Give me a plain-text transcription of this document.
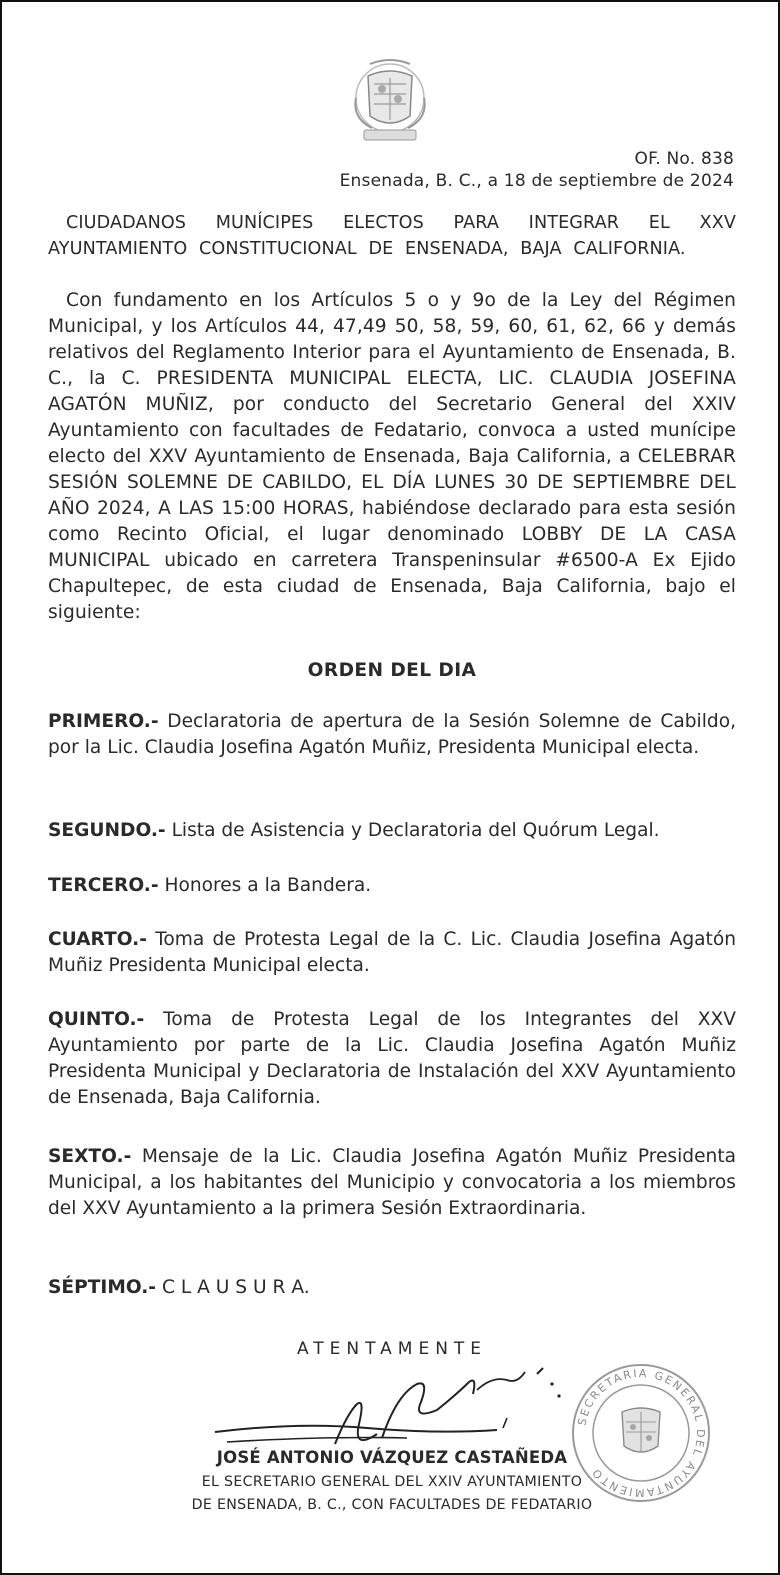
OF. No. 838
Ensenada, B. C., a 18 de septiembre de 2024
CIUDADANOS MUNÍCIPES ELECTOS PARA INTEGRAR EL XXV AYUNTAMIENTO CONSTITUCIONAL DE ENSENADA, BAJA CALIFORNIA.
Con fundamento en los Artículos 5 o y 9o de la Ley del Régimen Municipal, y los Artículos 44, 47,49 50, 58, 59, 60, 61, 62, 66 y demás relativos del Reglamento Interior para el Ayuntamiento de Ensenada, B. C., la C. PRESIDENTA MUNICIPAL ELECTA, LIC. CLAUDIA JOSEFINA AGATÓN MUÑIZ, por conducto del Secretario General del XXIV Ayuntamiento con facultades de Fedatario, convoca a usted munícipe electo del XXV Ayuntamiento de Ensenada, Baja California, a CELEBRAR SESIÓN SOLEMNE DE CABILDO, EL DÍA LUNES 30 DE SEPTIEMBRE DEL AÑO 2024, A LAS 15:00 HORAS, habiéndose declarado para esta sesión como Recinto Oficial, el lugar denominado LOBBY DE LA CASA MUNICIPAL ubicado en carretera Transpeninsular #6500-A Ex Ejido Chapultepec, de esta ciudad de Ensenada, Baja California, bajo el siguiente:
ORDEN DEL DIA
PRIMERO.- Declaratoria de apertura de la Sesión Solemne de Cabildo, por la Lic. Claudia Josefina Agatón Muñiz, Presidenta Municipal electa.
SEGUNDO.- Lista de Asistencia y Declaratoria del Quórum Legal.
TERCERO.- Honores a la Bandera.
CUARTO.- Toma de Protesta Legal de la C. Lic. Claudia Josefina Agatón Muñiz Presidenta Municipal electa.
QUINTO.- Toma de Protesta Legal de los Integrantes del XXV Ayuntamiento por parte de la Lic. Claudia Josefina Agatón Muñiz Presidenta Municipal y Declaratoria de Instalación del XXV Ayuntamiento de Ensenada, Baja California.
SEXTO.- Mensaje de la Lic. Claudia Josefina Agatón Muñiz Presidenta Municipal, a los habitantes del Municipio y convocatoria a los miembros del XXV Ayuntamiento a la primera Sesión Extraordinaria.
SÉPTIMO.- C L A U S U R A.
ATENTAMENTE
JOSÉ ANTONIO VÁZQUEZ CASTAÑEDA
EL SECRETARIO GENERAL DEL XXIV AYUNTAMIENTO
DE ENSENADA, B. C., CON FACULTADES DE FEDATARIO
SECRETARIA GENERAL DEL AYUNTAMIENTO
